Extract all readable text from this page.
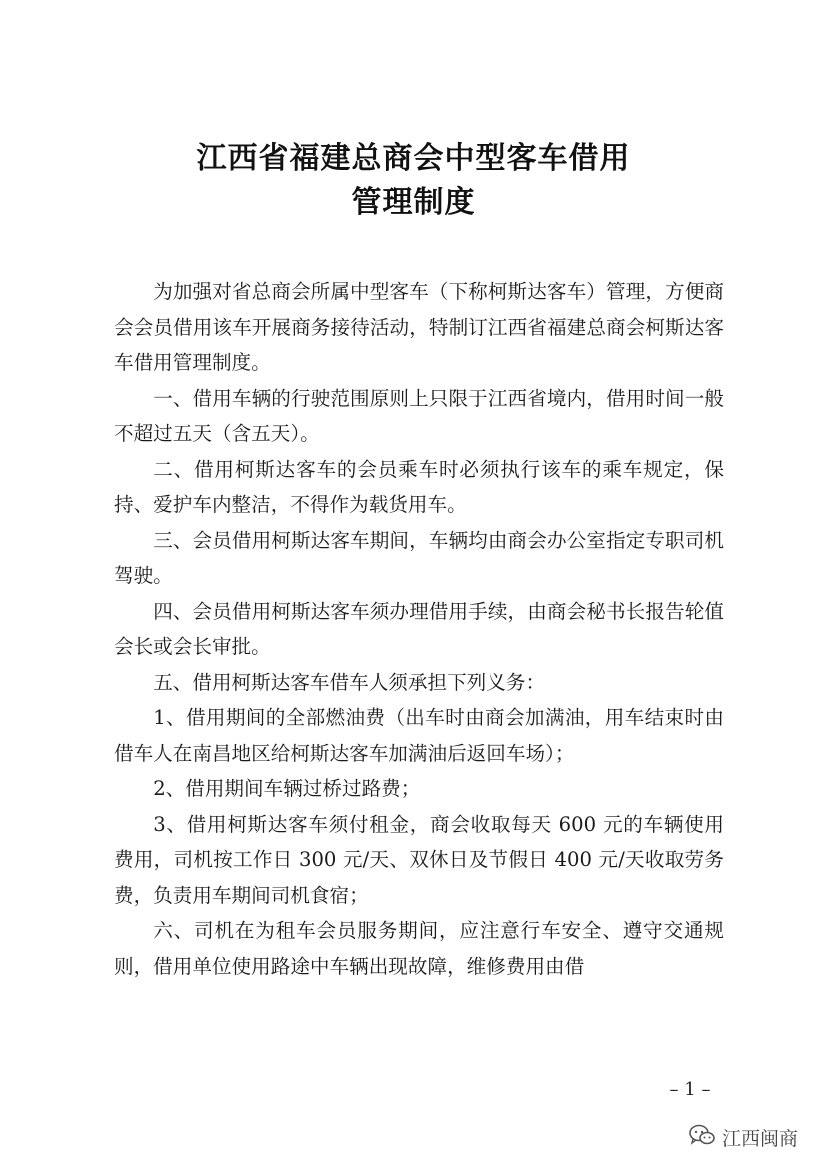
江西省福建总商会中型客车借用
管理制度

为加强对省总商会所属中型客车（下称柯斯达客车）管理，方便商会会员借用该车开展商务接待活动，特制订江西省福建总商会柯斯达客车借用管理制度。

一、借用车辆的行驶范围原则上只限于江西省境内，借用时间一般不超过五天（含五天）。

二、借用柯斯达客车的会员乘车时必须执行该车的乘车规定，保持、爱护车内整洁，不得作为载货用车。

三、会员借用柯斯达客车期间，车辆均由商会办公室指定专职司机驾驶。

四、会员借用柯斯达客车须办理借用手续，由商会秘书长报告轮值会长或会长审批。

五、借用柯斯达客车借车人须承担下列义务：

1、借用期间的全部燃油费（出车时由商会加满油，用车结束时由借车人在南昌地区给柯斯达客车加满油后返回车场）；

2、借用期间车辆过桥过路费；

3、借用柯斯达客车须付租金，商会收取每天 600 元的车辆使用费用，司机按工作日 300 元/天、双休日及节假日 400 元/天收取劳务费，负责用车期间司机食宿；

六、司机在为租车会员服务期间，应注意行车安全、遵守交通规则，借用单位使用路途中车辆出现故障，维修费用由借

– 1 –
江西闽商
